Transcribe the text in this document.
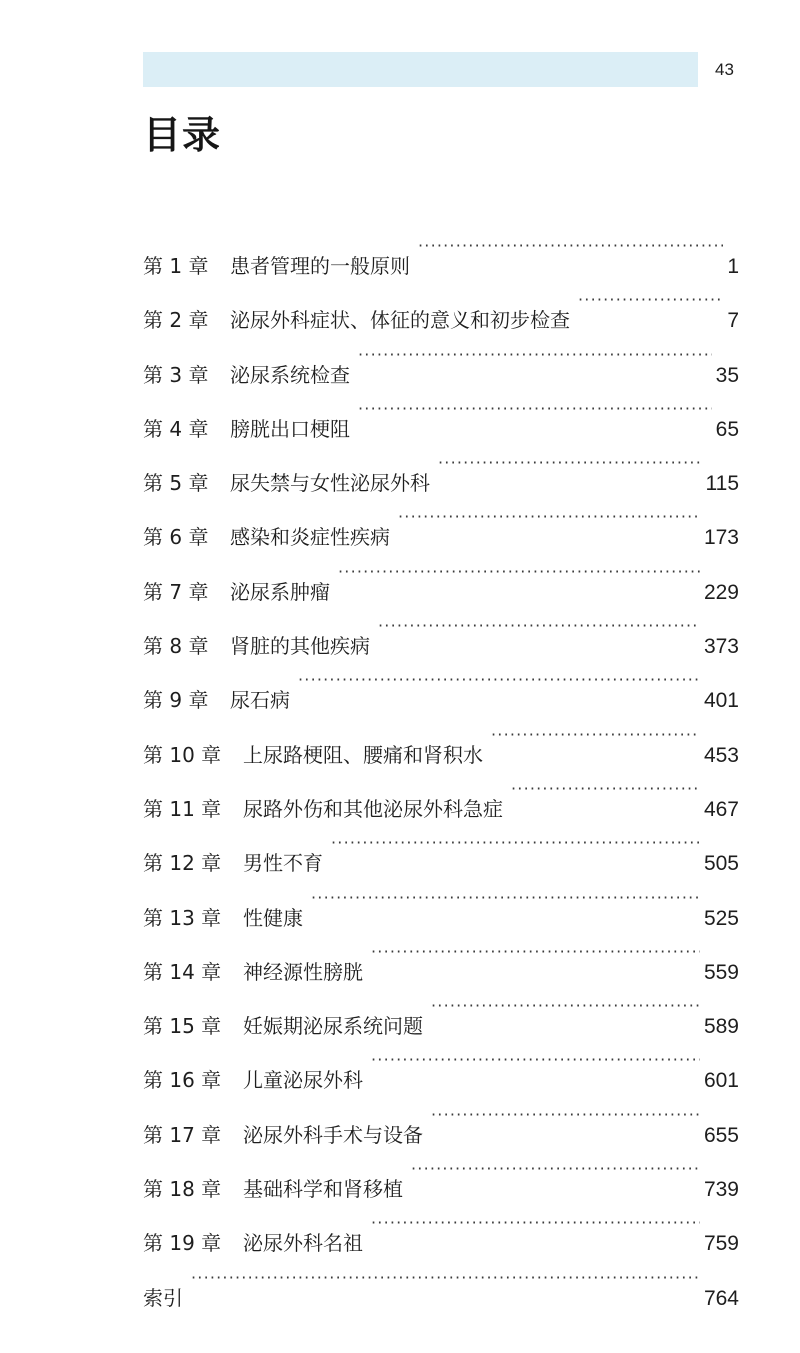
43
目录
第 1 章	患者管理的一般原则 ·····	1
第 2 章	泌尿外科症状、体征的意义和初步检查 ·····	7
第 3 章	泌尿系统检查 ·····	35
第 4 章	膀胱出口梗阻 ·····	65
第 5 章	尿失禁与女性泌尿外科 ·····	115
第 6 章	感染和炎症性疾病 ·····	173
第 7 章	泌尿系肿瘤 ·····	229
第 8 章	肾脏的其他疾病 ·····	373
第 9 章	尿石病 ·····	401
第 10 章	上尿路梗阻、腰痛和肾积水 ·····	453
第 11 章	尿路外伤和其他泌尿外科急症 ·····	467
第 12 章	男性不育 ·····	505
第 13 章	性健康 ·····	525
第 14 章	神经源性膀胱 ·····	559
第 15 章	妊娠期泌尿系统问题 ·····	589
第 16 章	儿童泌尿外科 ·····	601
第 17 章	泌尿外科手术与设备 ·····	655
第 18 章	基础科学和肾移植 ·····	739
第 19 章	泌尿外科名祖 ·····	759
索引 ·····	764
